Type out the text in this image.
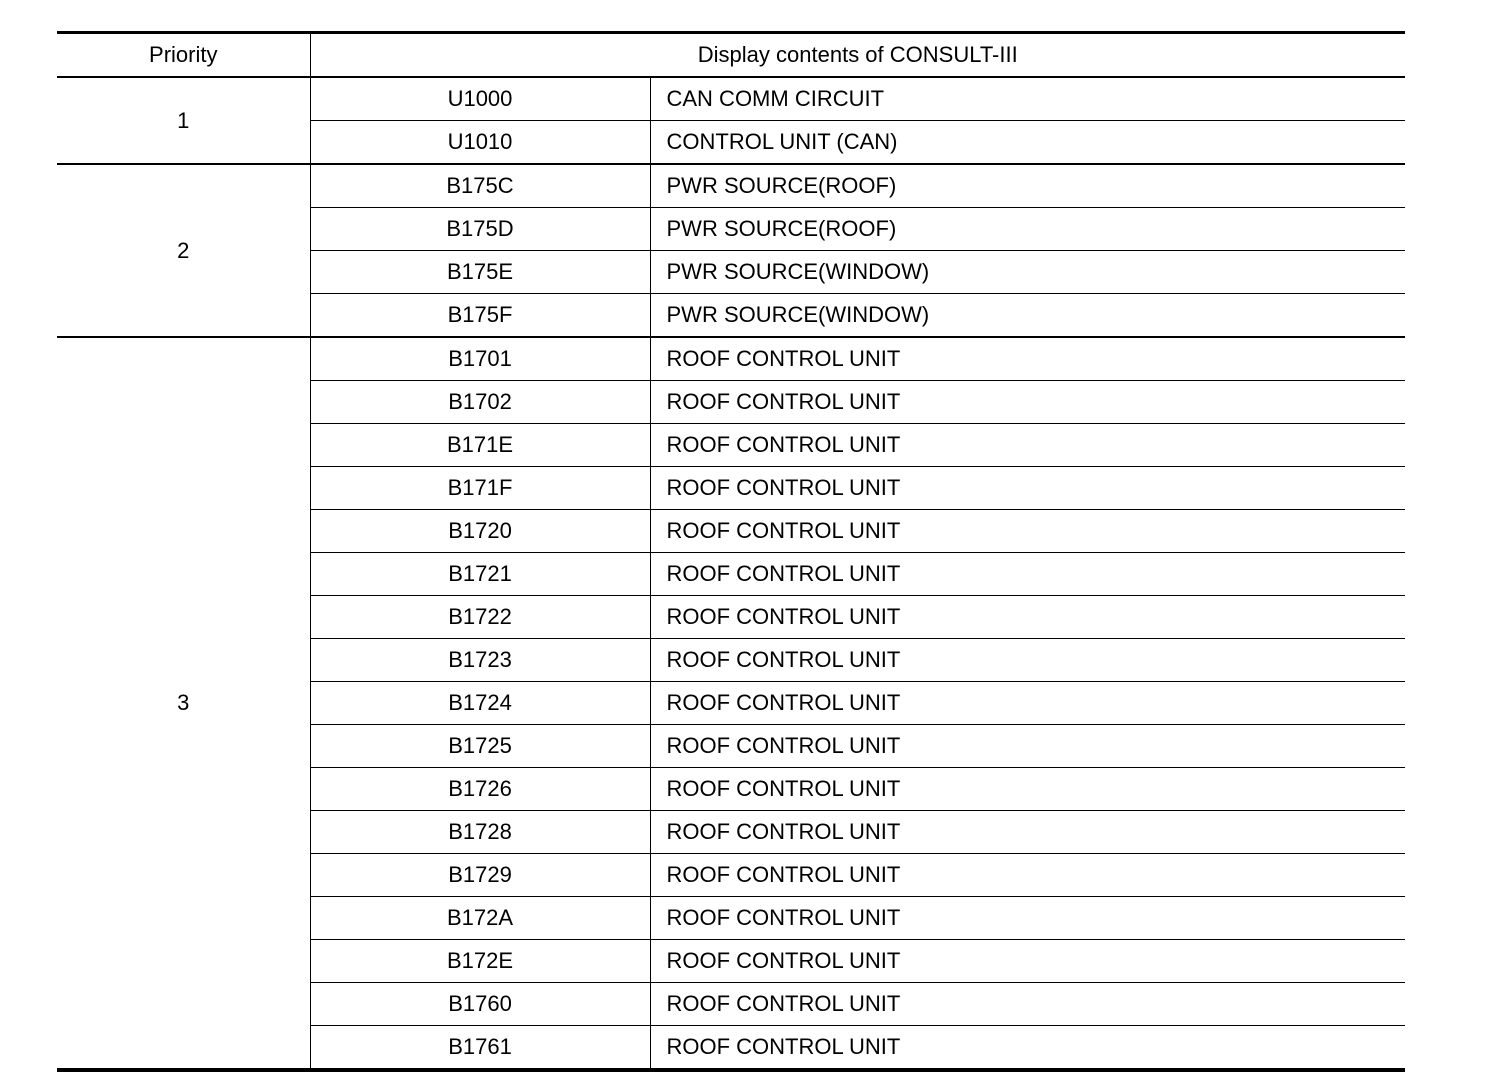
Priority	Display contents of CONSULT-III	
1	U1000	CAN COMM CIRCUIT
	U1010	CONTROL UNIT (CAN)
2	B175C	PWR SOURCE(ROOF)
	B175D	PWR SOURCE(ROOF)
	B175E	PWR SOURCE(WINDOW)
	B175F	PWR SOURCE(WINDOW)
3	B1701	ROOF CONTROL UNIT
	B1702	ROOF CONTROL UNIT
	B171E	ROOF CONTROL UNIT
	B171F	ROOF CONTROL UNIT
	B1720	ROOF CONTROL UNIT
	B1721	ROOF CONTROL UNIT
	B1722	ROOF CONTROL UNIT
	B1723	ROOF CONTROL UNIT
	B1724	ROOF CONTROL UNIT
	B1725	ROOF CONTROL UNIT
	B1726	ROOF CONTROL UNIT
	B1728	ROOF CONTROL UNIT
	B1729	ROOF CONTROL UNIT
	B172A	ROOF CONTROL UNIT
	B172E	ROOF CONTROL UNIT
	B1760	ROOF CONTROL UNIT
	B1761	ROOF CONTROL UNIT
